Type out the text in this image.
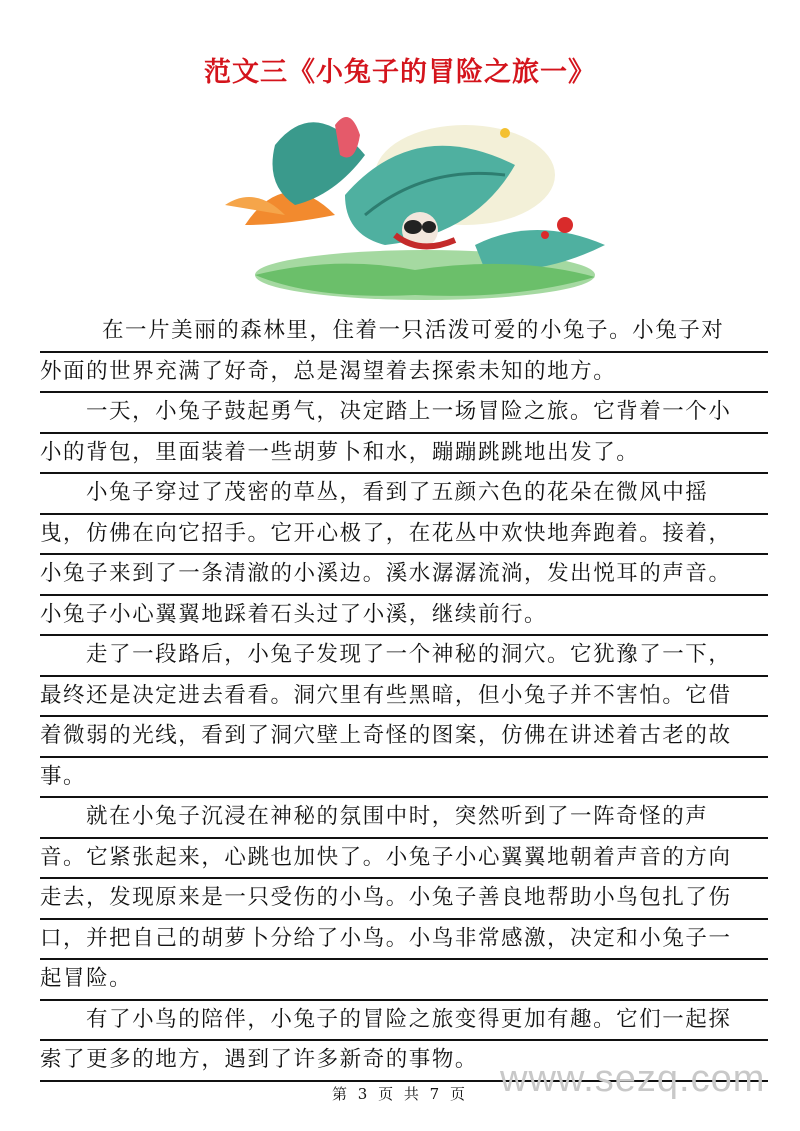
范文三《小兔子的冒险之旅一》
在一片美丽的森林里，住着一只活泼可爱的小兔子。小兔子对
外面的世界充满了好奇，总是渴望着去探索未知的地方。
一天，小兔子鼓起勇气，决定踏上一场冒险之旅。它背着一个小
小的背包，里面装着一些胡萝卜和水，蹦蹦跳跳地出发了。
小兔子穿过了茂密的草丛，看到了五颜六色的花朵在微风中摇
曳，仿佛在向它招手。它开心极了，在花丛中欢快地奔跑着。接着，
小兔子来到了一条清澈的小溪边。溪水潺潺流淌，发出悦耳的声音。
小兔子小心翼翼地踩着石头过了小溪，继续前行。
走了一段路后，小兔子发现了一个神秘的洞穴。它犹豫了一下，
最终还是决定进去看看。洞穴里有些黑暗，但小兔子并不害怕。它借
着微弱的光线，看到了洞穴壁上奇怪的图案，仿佛在讲述着古老的故
事。
就在小兔子沉浸在神秘的氛围中时，突然听到了一阵奇怪的声
音。它紧张起来，心跳也加快了。小兔子小心翼翼地朝着声音的方向
走去，发现原来是一只受伤的小鸟。小兔子善良地帮助小鸟包扎了伤
口，并把自己的胡萝卜分给了小鸟。小鸟非常感激，决定和小兔子一
起冒险。
有了小鸟的陪伴，小兔子的冒险之旅变得更加有趣。它们一起探
索了更多的地方，遇到了许多新奇的事物。 www.sezq.com
第 3 页 共 7 页
